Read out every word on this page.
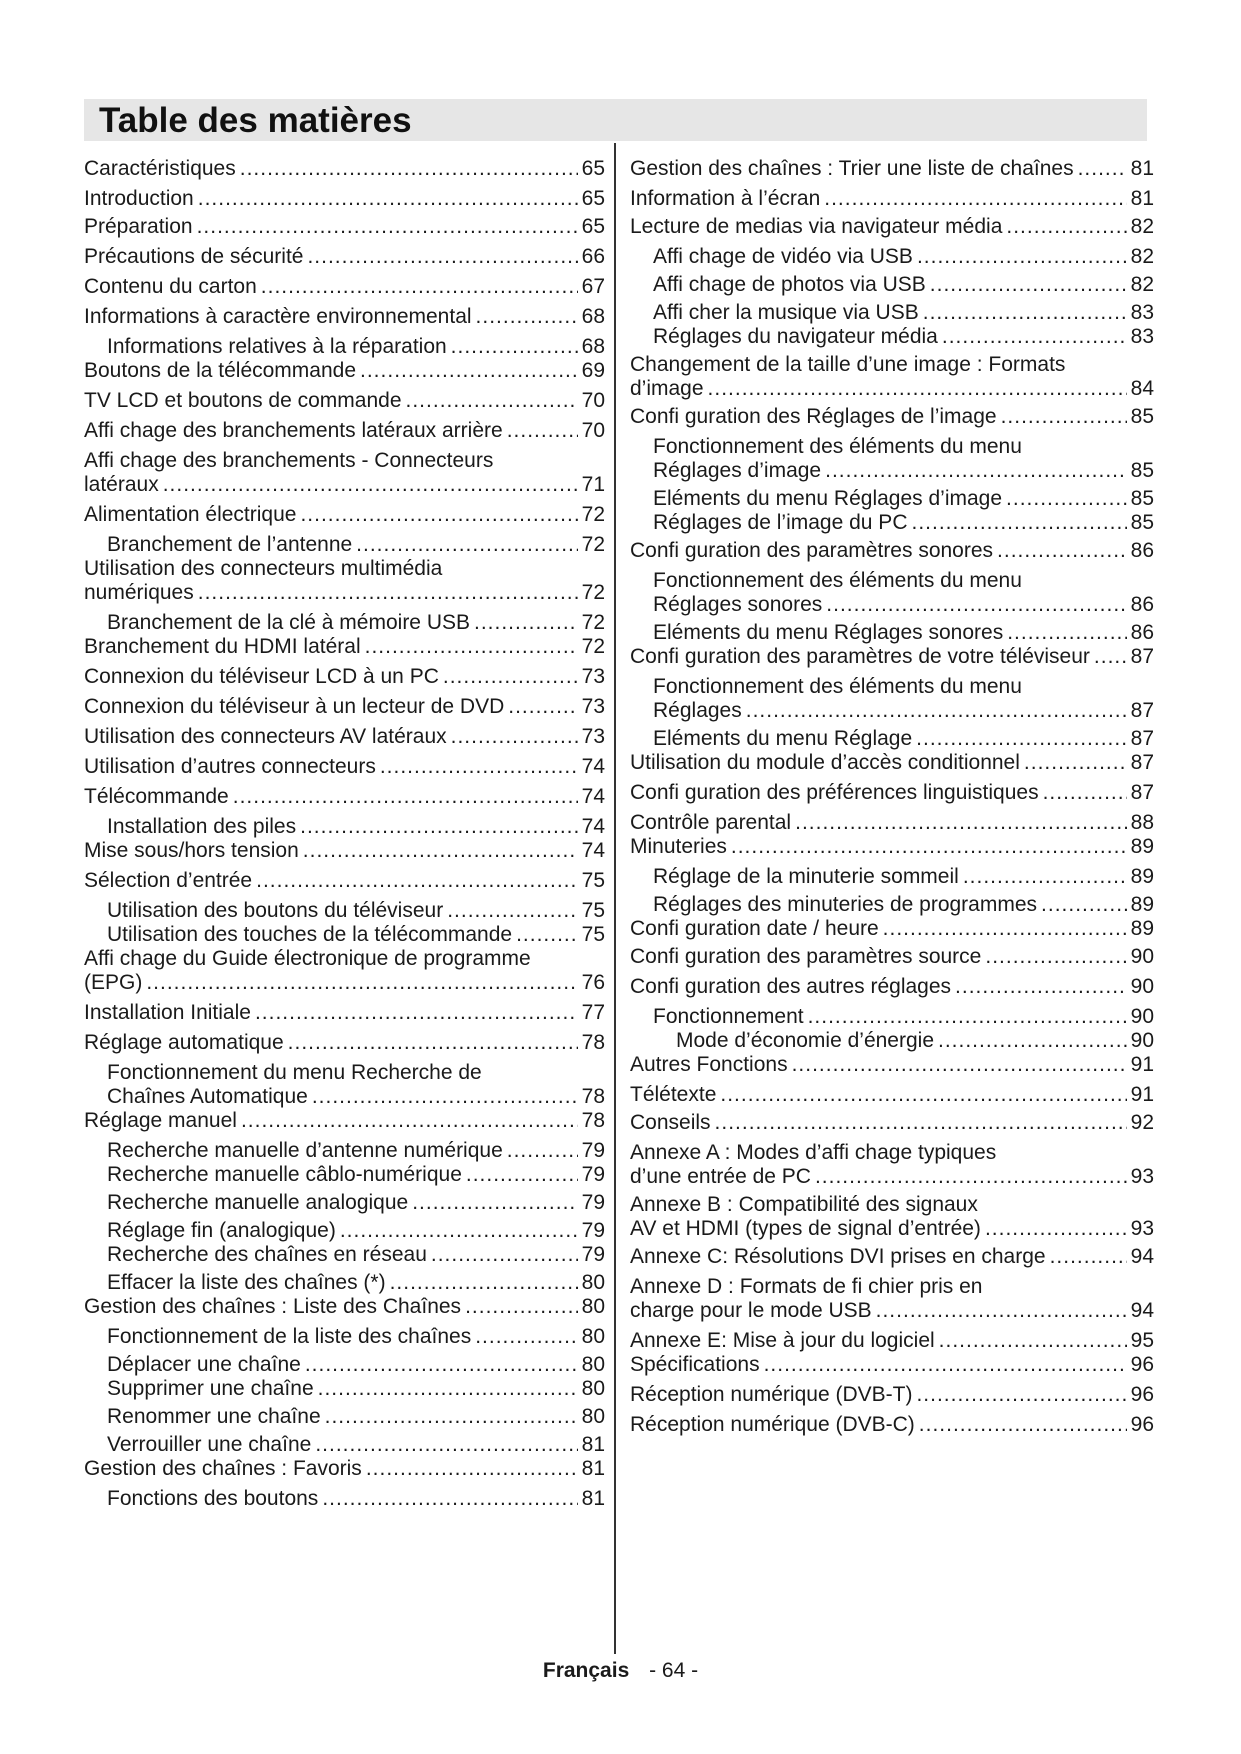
Table des matières
Caractéristiques .....	65
Introduction .....	65
Préparation .....	65
Précautions de sécurité .....	66
Contenu du carton .....	67
Informations à caractère environnemental .....	68
Informations relatives à la réparation .....	68
Boutons de la télécommande .....	69
TV LCD et boutons de commande .....	70
Affi chage des branchements latéraux arrière .....	70
Affi chage des branchements - Connecteurs
latéraux .....	71
Alimentation électrique .....	72
Branchement de l’antenne .....	72
Utilisation des connecteurs multimédia
numériques .....	72
Branchement de la clé à mémoire USB .....	72
Branchement du HDMI latéral .....	72
Connexion du téléviseur LCD à un PC .....	73
Connexion du téléviseur à un lecteur de DVD .....	73
Utilisation des connecteurs AV latéraux .....	73
Utilisation d’autres connecteurs .....	74
Télécommande .....	74
Installation des piles .....	74
Mise sous/hors tension .....	74
Sélection d’entrée .....	75
Utilisation des boutons du téléviseur .....	75
Utilisation des touches de la télécommande .....	75
Affi chage du Guide électronique de programme
(EPG) .....	76
Installation Initiale .....	77
Réglage automatique .....	78
Fonctionnement du menu Recherche de
Chaînes Automatique .....	78
Réglage manuel .....	78
Recherche manuelle d’antenne numérique .....	79
Recherche manuelle câblo-numérique .....	79
Recherche manuelle analogique .....	79
Réglage fin (analogique) .....	79
Recherche des chaînes en réseau .....	79
Effacer la liste des chaînes (*) .....	80
Gestion des chaînes : Liste des Chaînes .....	80
Fonctionnement de la liste des chaînes .....	80
Déplacer une chaîne .....	80
Supprimer une chaîne .....	80
Renommer une chaîne .....	80
Verrouiller une chaîne .....	81
Gestion des chaînes : Favoris .....	81
Fonctions des boutons .....	81
Gestion des chaînes : Trier une liste de chaînes .....	81
Information à l’écran .....	81
Lecture de medias via navigateur média .....	82
Affi chage de vidéo via USB .....	82
Affi chage de photos via USB .....	82
Affi cher la musique via USB .....	83
Réglages du navigateur média .....	83
Changement de la taille d’une image : Formats
d’image .....	84
Confi guration des Réglages de l’image .....	85
Fonctionnement des éléments du menu
Réglages d’image .....	85
Eléments du menu Réglages d’image .....	85
Réglages de l’image du PC .....	85
Confi guration des paramètres sonores .....	86
Fonctionnement des éléments du menu
Réglages sonores .....	86
Eléments du menu Réglages sonores .....	86
Confi guration des paramètres de votre téléviseur ..... 87
Fonctionnement des éléments du menu
Réglages .....	87
Eléments du menu Réglage .....	87
Utilisation du module d’accès conditionnel .....	87
Confi guration des préférences linguistiques .....	87
Contrôle parental .....	88
Minuteries .....	89
Réglage de la minuterie sommeil .....	89
Réglages des minuteries de programmes .....	89
Confi guration date / heure .....	89
Confi guration des paramètres source .....	90
Confi guration des autres réglages .....	90
Fonctionnement .....	90
Mode d’économie d’énergie .....	90
Autres Fonctions .....	91
Télétexte .....	91
Conseils .....	92
Annexe A : Modes d’affi chage typiques
d’une entrée de PC .....	93
Annexe B : Compatibilité des signaux
AV et HDMI (types de signal d’entrée) .....	93
Annexe C: Résolutions DVI prises en charge .....	94
Annexe D : Formats de fi chier pris en
charge pour le mode USB .....	94
Annexe E: Mise à jour du logiciel .....	95
Spécifications .....	96
Réception numérique (DVB-T) .....	96
Réception numérique (DVB-C) .....	96
Français - 64 -
